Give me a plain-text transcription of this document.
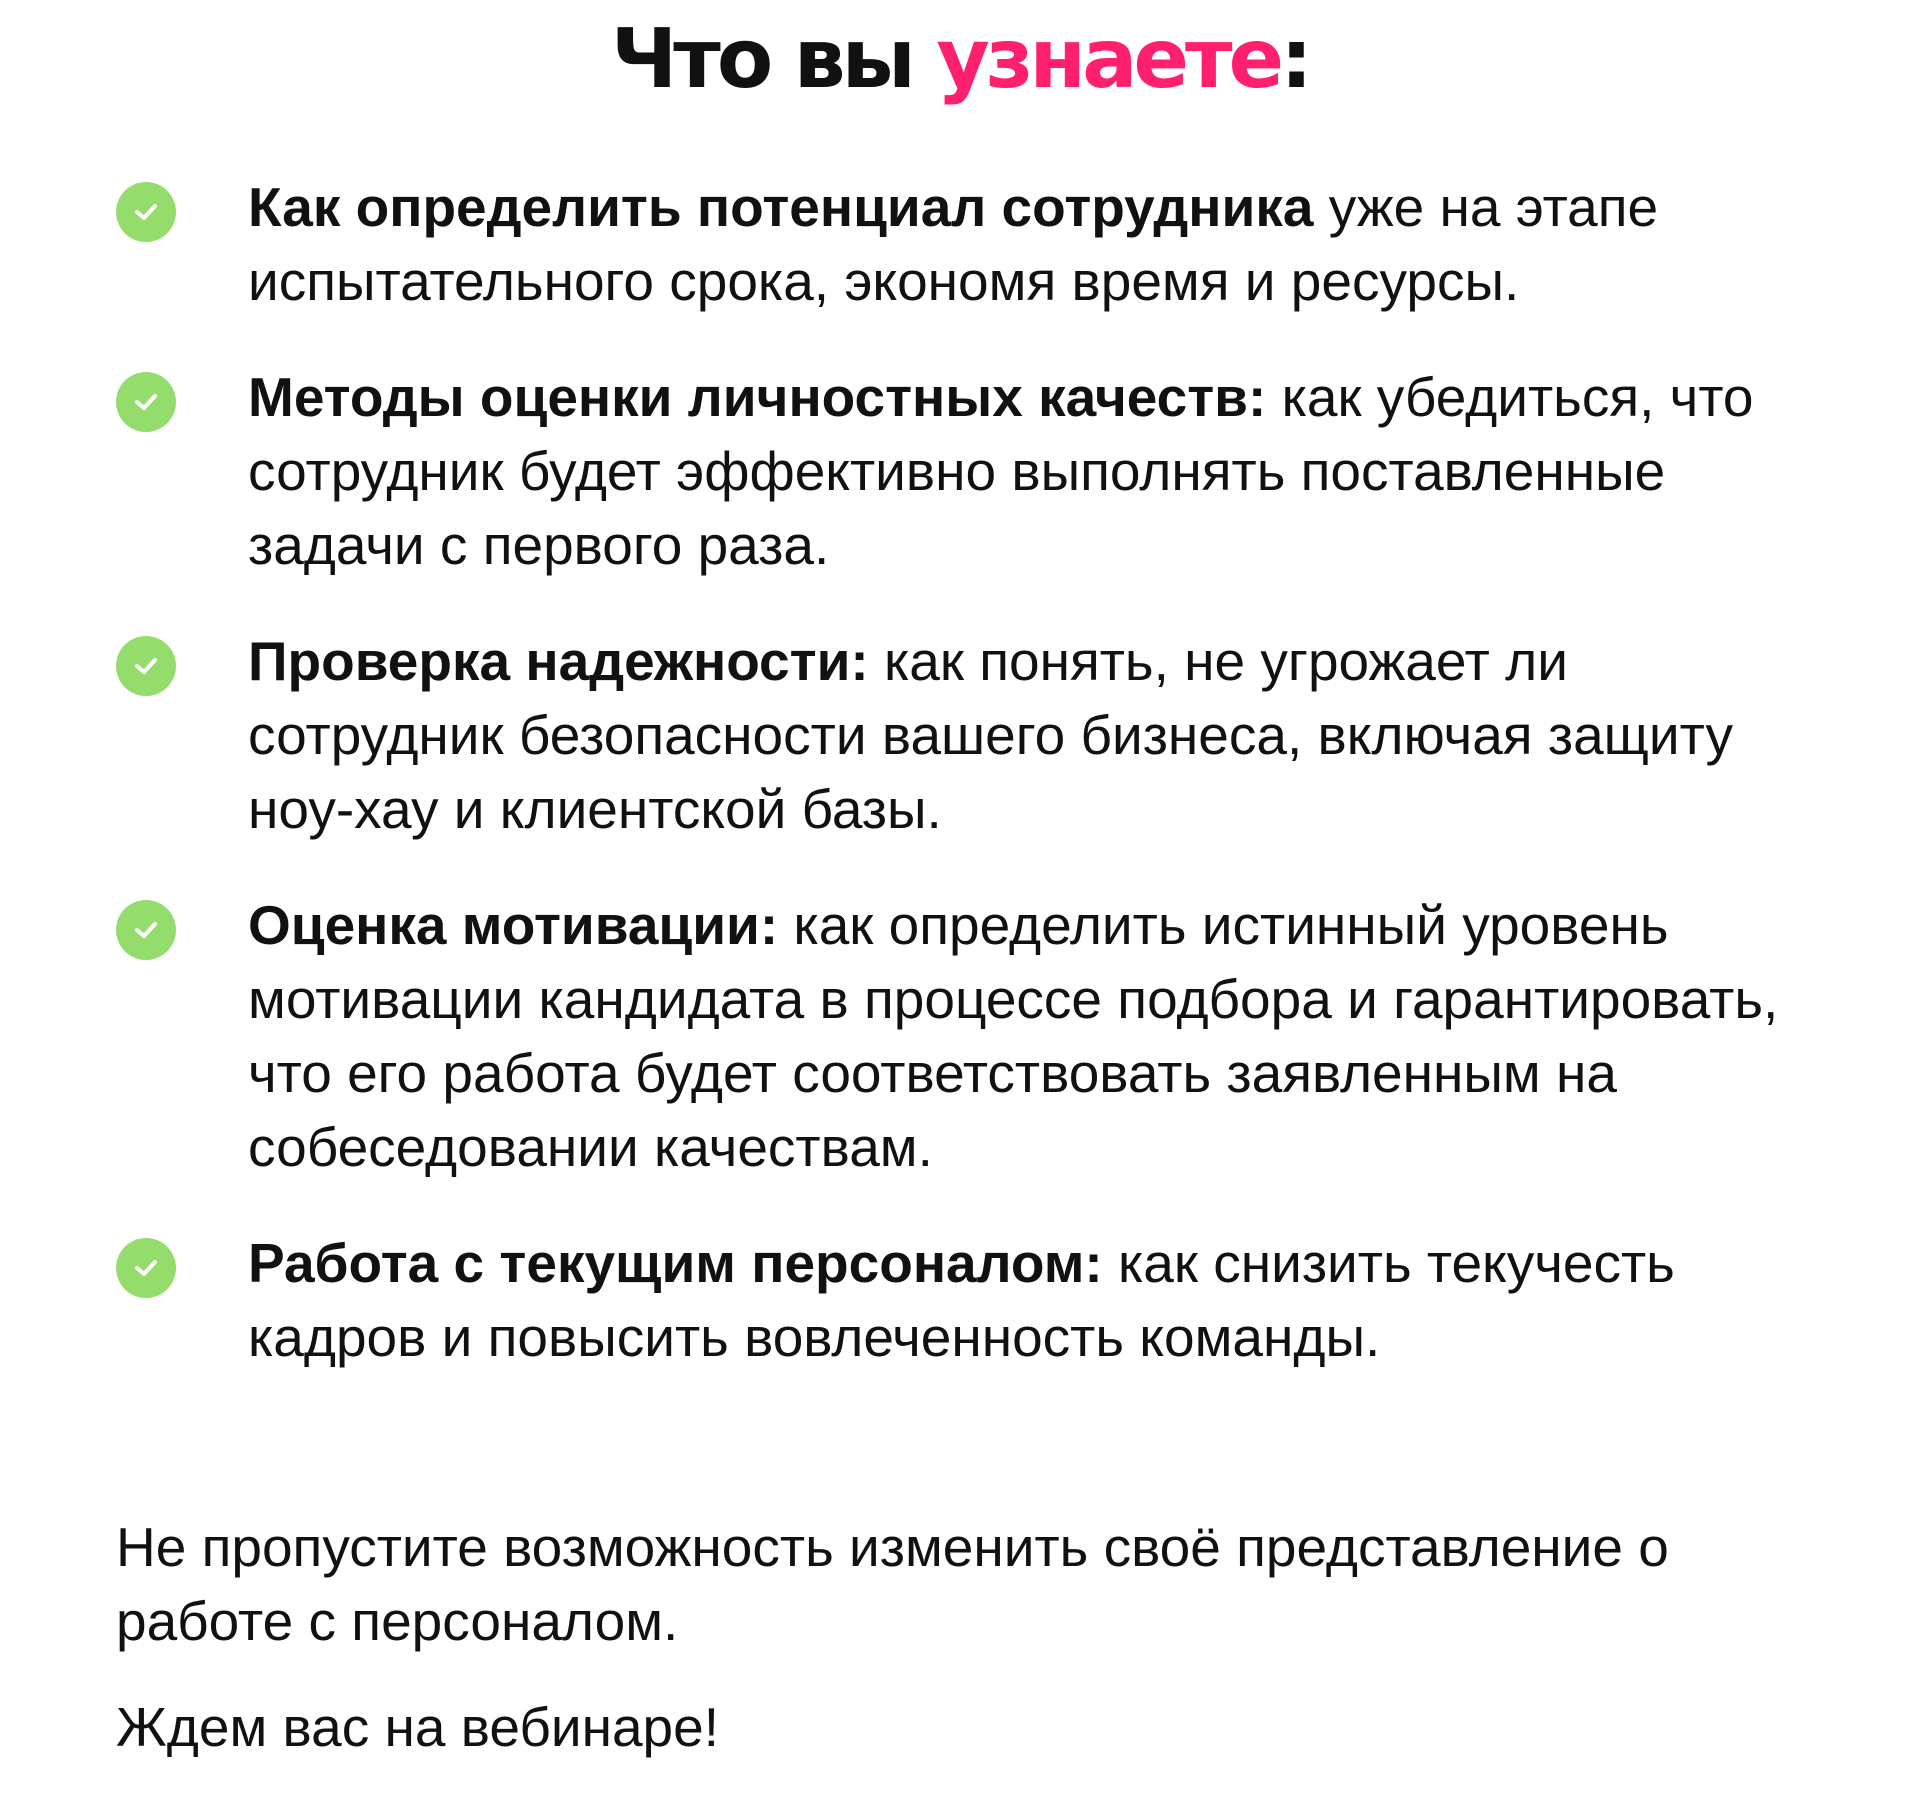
Что вы узнаете:
Как определить потенциал сотрудника уже на этапе испытательного срока, экономя время и ресурсы.
Методы оценки личностных качеств: как убедиться, что сотрудник будет эффективно выполнять поставленные задачи с первого раза.
Проверка надежности: как понять, не угрожает ли сотрудник безопасности вашего бизнеса, включая защиту ноу-хау и клиентской базы.
Оценка мотивации: как определить истинный уровень мотивации кандидата в процессе подбора и гарантировать, что его работа будет соответствовать заявленным на собеседовании качествам.
Работа с текущим персоналом: как снизить текучесть кадров и повысить вовлеченность команды.

Не пропустите возможность изменить своё представление о работе с персоналом.

Ждем вас на вебинаре!
